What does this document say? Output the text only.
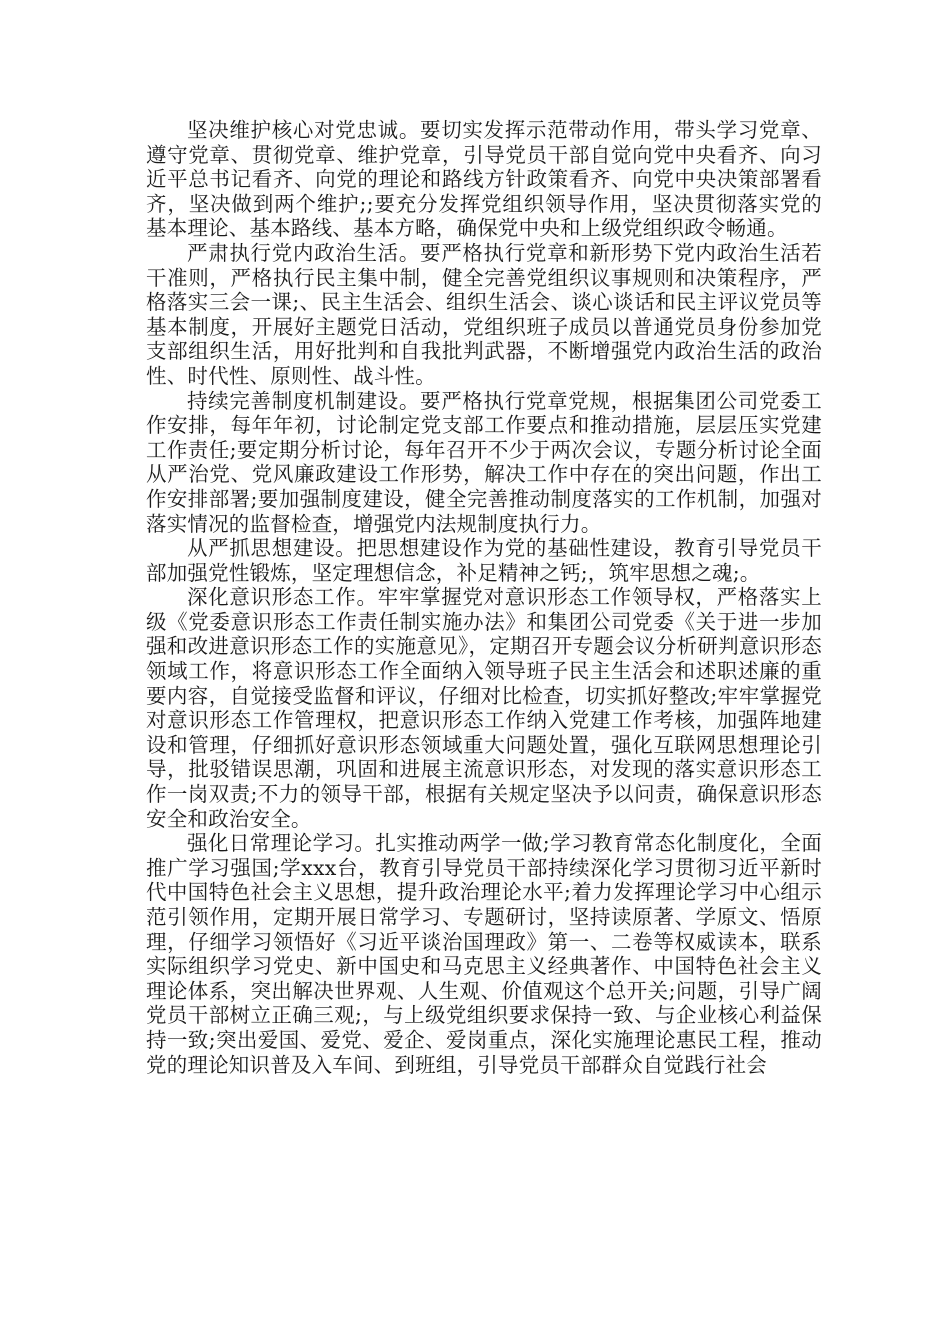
坚决维护核心对党忠诚。要切实发挥示范带动作用，带头学习党章、遵守党章、贯彻党章、维护党章，引导党员干部自觉向党中央看齐、向习近平总书记看齐、向党的理论和路线方针政策看齐、向党中央决策部署看齐，坚决做到两个维护;;要充分发挥党组织领导作用，坚决贯彻落实党的基本理论、基本路线、基本方略，确保党中央和上级党组织政令畅通。

严肃执行党内政治生活。要严格执行党章和新形势下党内政治生活若干准则，严格执行民主集中制，健全完善党组织议事规则和决策程序，严格落实三会一课;、民主生活会、组织生活会、谈心谈话和民主评议党员等基本制度，开展好主题党日活动，党组织班子成员以普通党员身份参加党支部组织生活，用好批判和自我批判武器，不断增强党内政治生活的政治性、时代性、原则性、战斗性。

持续完善制度机制建设。要严格执行党章党规，根据集团公司党委工作安排，每年年初，讨论制定党支部工作要点和推动措施，层层压实党建工作责任;要定期分析讨论，每年召开不少于两次会议，专题分析讨论全面从严治党、党风廉政建设工作形势，解决工作中存在的突出问题，作出工作安排部署;要加强制度建设，健全完善推动制度落实的工作机制，加强对落实情况的监督检查，增强党内法规制度执行力。

从严抓思想建设。把思想建设作为党的基础性建设，教育引导党员干部加强党性锻炼，坚定理想信念，补足精神之钙;，筑牢思想之魂;。

深化意识形态工作。牢牢掌握党对意识形态工作领导权，严格落实上级《党委意识形态工作责任制实施办法》和集团公司党委《关于进一步加强和改进意识形态工作的实施意见》，定期召开专题会议分析研判意识形态领域工作，将意识形态工作全面纳入领导班子民主生活会和述职述廉的重要内容，自觉接受监督和评议，仔细对比检查，切实抓好整改;牢牢掌握党对意识形态工作管理权，把意识形态工作纳入党建工作考核，加强阵地建设和管理，仔细抓好意识形态领域重大问题处置，强化互联网思想理论引导，批驳错误思潮，巩固和进展主流意识形态，对发现的落实意识形态工作一岗双责;不力的领导干部，根据有关规定坚决予以问责，确保意识形态安全和政治安全。

强化日常理论学习。扎实推动两学一做;学习教育常态化制度化，全面推广学习强国;学xxx台，教育引导党员干部持续深化学习贯彻习近平新时代中国特色社会主义思想，提升政治理论水平;着力发挥理论学习中心组示范引领作用，定期开展日常学习、专题研讨，坚持读原著、学原文、悟原理，仔细学习领悟好《习近平谈治国理政》第一、二卷等权威读本，联系实际组织学习党史、新中国史和马克思主义经典著作、中国特色社会主义理论体系，突出解决世界观、人生观、价值观这个总开关;问题，引导广阔党员干部树立正确三观;，与上级党组织要求保持一致、与企业核心利益保持一致;突出爱国、爱党、爱企、爱岗重点，深化实施理论惠民工程，推动党的理论知识普及入车间、到班组，引导党员干部群众自觉践行社会
